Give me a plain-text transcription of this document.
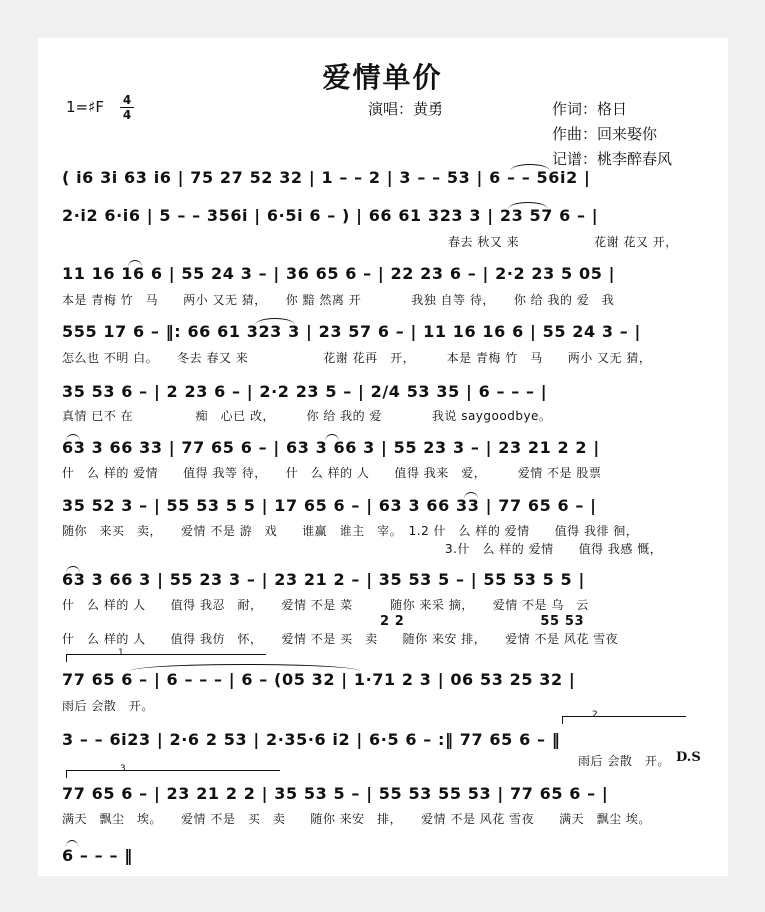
爱情单价
1=♯F 4
4	演唱：黄勇	作词：格日
作曲：回来娶你
记谱：桃李醉春风
( i6 3i 63 i6 | 75 27 52 32 | 1 – – 2 | 3 – – 53 | 6 – – 56i2 |
2·i2 6·i6 | 5 – – 356i | 6·5i 6 – ) | 66 61 323 3 | 23 57 6 – |
春去 秋又 来　　　　　　花谢 花又 开，
11 16 16 6 | 55 24 3 – | 36 65 6 – | 22 23 6 – | 2·2 23 5 05 |
本是 青梅 竹　马　　两小 又无 猜，　　你 黯 然离 开　　　　我独 自等 待，　　你 给 我的 爱　我
555 17 6 – ‖: 66 61 323 3 | 23 57 6 – | 11 16 16 6 | 55 24 3 – |
怎么也 不明 白。　　冬去 春又 来　　　　　　花谢 花再　开，　　　本是 青梅 竹　马　　两小 又无 猜，
35 53 6 – | 2 23 6 – | 2·2 23 5 – | 2/4 53 35 | 6 – – – |
真情 已不 在　　　　　痴　心已 改，　　　你 给 我的 爱　　　　我说 saygoodbye。
63 3 66 33 | 77 65 6 – | 63 3 66 3 | 55 23 3 – | 23 21 2 2 |
什　么 样的 爱情　　值得 我等 待，　　什　么 样的 人　　值得 我来　爱，　　　爱情 不是 股票
35 52 3 – | 55 53 5 5 | 17 65 6 – | 63 3 66 33 | 77 65 6 – |
随你　来买　卖，　　爱情 不是 游　戏　　谁赢　谁主　宰。　1.2 什　么 样的 爱情　　值得 我徘 徊，
3.什　么 样的 爱情　　值得 我感 慨，
63 3 66 3 | 55 23 3 – | 23 21 2 – | 35 53 5 – | 55 53 5 5 |
什　么 样的 人　　值得 我忍　耐，　　爱情 不是 菜　　　随你 来采 摘，　　爱情 不是 乌　云
2 2　　　　　　　　　　55 53
什　么 样的 人　　值得 我仿　怀，　　爱情 不是 买　卖　　随你 来安 排，　　爱情 不是 风花 雪夜
1
77 65 6 – | 6 – – – | 6 – (05 32 | 1·71 2 3 | 06 53 25 32 |
雨后 会散　开。
2
3 – – 6i23 | 2·6 2 53 | 2·35·6 i2 | 6·5 6 – :‖ 77 65 6 – ‖
雨后 会散　开。 D.S
3
77 65 6 – | 23 21 2 2 | 35 53 5 – | 55 53 55 53 | 77 65 6 – |
满天　飘尘　埃。　　爱情 不是　买　卖　　随你 来安　排，　　爱情 不是 风花 雪夜　　满天　飘尘 埃。
6 – – – ‖
